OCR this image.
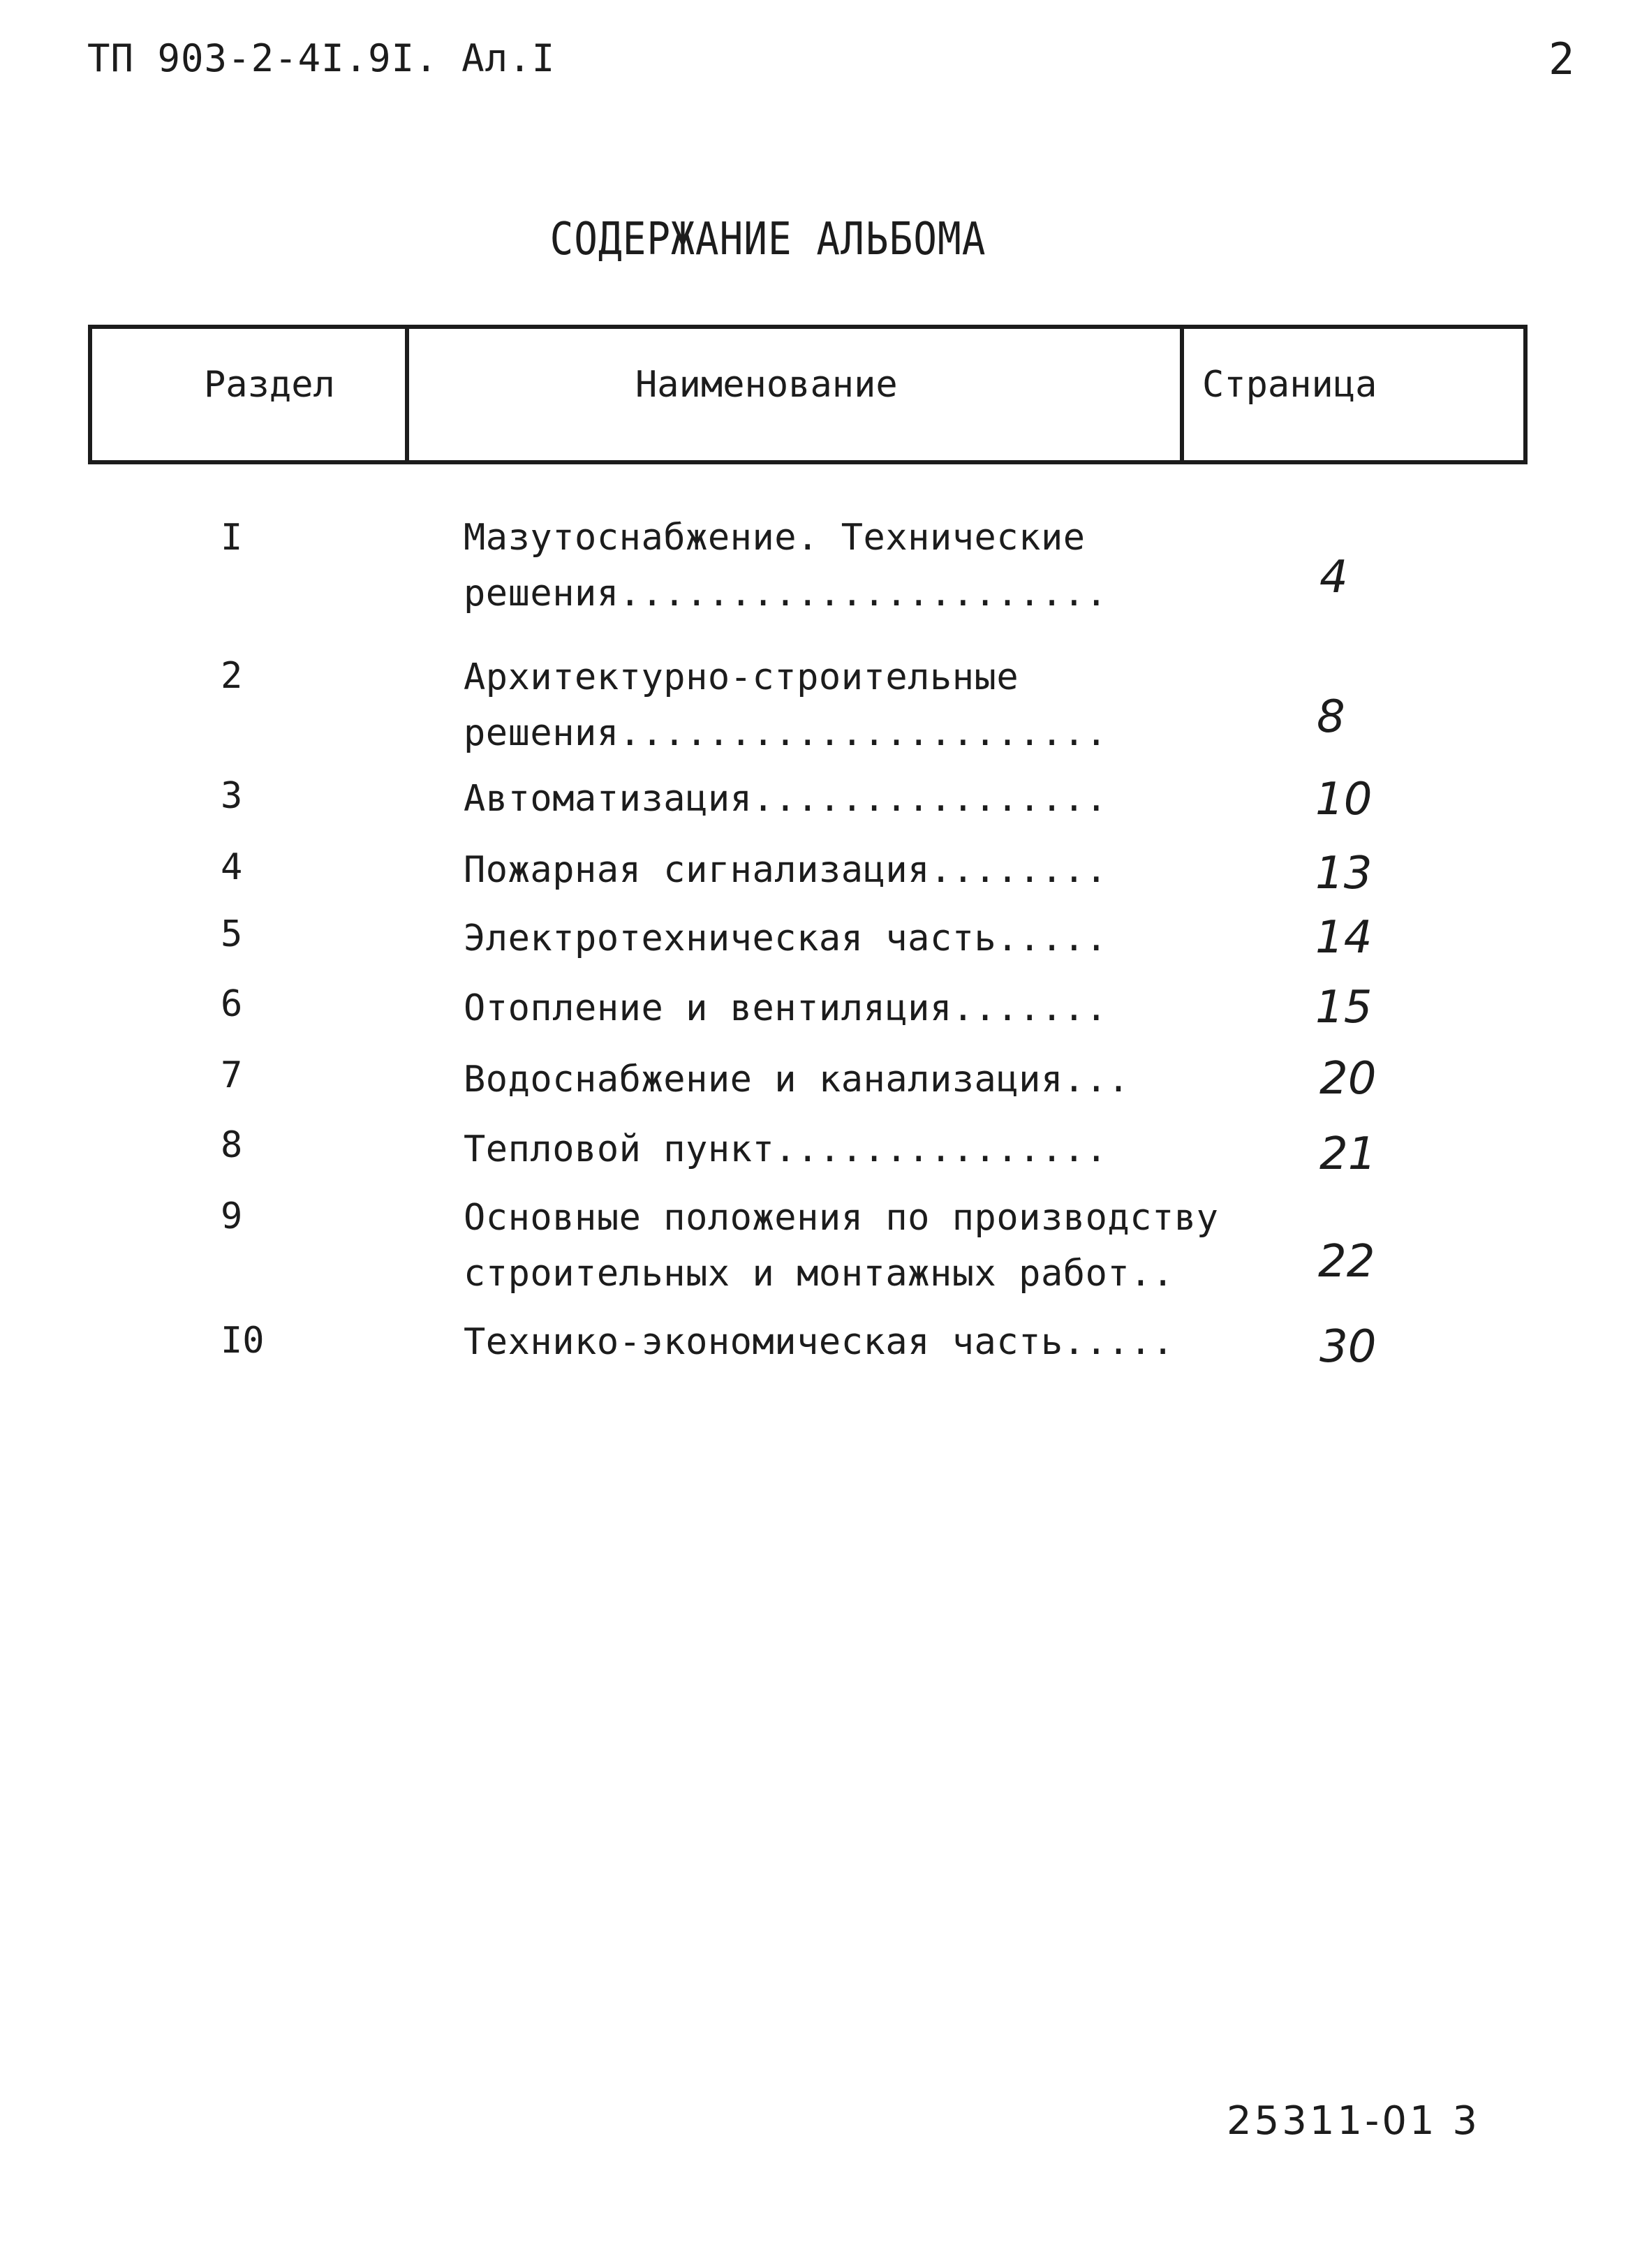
ТП 903-2-4I.9I. Ал.I	2
СОДЕРЖАНИЕ АЛЬБОМА
Раздел	Наименование	Страница
I	Мазутоснабжение. Технические
решения......................	4
2	Архитектурно-строительные
решения......................	8
3	Автоматизация................	10
4	Пожарная сигнализация........	13
5	Электротехническая часть.....	14
6	Отопление и вентиляция.......	15
7	Водоснабжение и канализация...	20
8	Тепловой пункт...............	21
9	Основные положения по производству
строительных и монтажных работ..	22
I0	Технико-экономическая часть.....	30
25311-01 3
